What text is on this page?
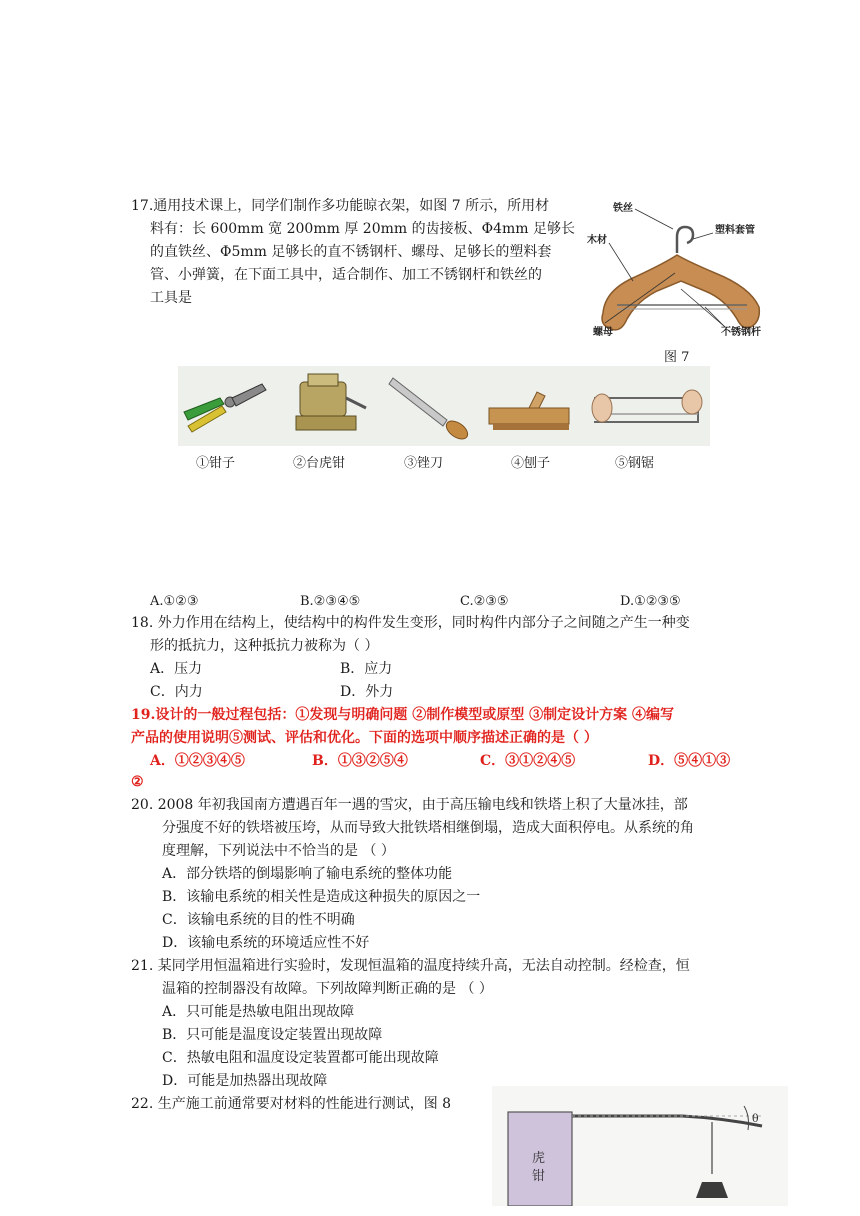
17.通用技术课上，同学们制作多功能晾衣架，如图 7 所示，所用材
料有：长 600mm 宽 200mm 厚 20mm 的齿接板、Φ4mm 足够长
的直铁丝、Φ5mm 足够长的直不锈钢杆、螺母、足够长的塑料套
管、小弹簧，在下面工具中，适合制作、加工不锈钢杆和铁丝的
工具是
铁丝
塑料套管
木材
螺母	不锈钢杆
图 7
①钳子	②台虎钳	③锉刀	④刨子	⑤钢锯
A.①②③	B.②③④⑤	C.②③⑤	D.①②③⑤
18. 外力作用在结构上，使结构中的构件发生变形，同时构件内部分子之间随之产生一种变
形的抵抗力，这种抵抗力被称为（ ）
A．压力	B．应力
C．内力	D．外力
19.设计的一般过程包括：①发现与明确问题 ②制作模型或原型 ③制定设计方案 ④编写
产品的使用说明⑤测试、评估和优化。下面的选项中顺序描述正确的是（ ）
A．①②③④⑤	B．①③②⑤④	C．③①②④⑤	D．⑤④①③
②
20. 2008 年初我国南方遭遇百年一遇的雪灾，由于高压输电线和铁塔上积了大量冰挂，部
分强度不好的铁塔被压垮，从而导致大批铁塔相继倒塌，造成大面积停电。从系统的角
度理解，下列说法中不恰当的是 （ ）
A．部分铁塔的倒塌影响了输电系统的整体功能
B．该输电系统的相关性是造成这种损失的原因之一
C．该输电系统的目的性不明确
D．该输电系统的环境适应性不好
21. 某同学用恒温箱进行实验时，发现恒温箱的温度持续升高，无法自动控制。经检查，恒
温箱的控制器没有故障。下列故障判断正确的是 （ ）
A．只可能是热敏电阻出现故障
B．只可能是温度设定装置出现故障
C．热敏电阻和温度设定装置都可能出现故障
D．可能是加热器出现故障
22. 生产施工前通常要对材料的性能进行测试，图 8
虎
钳
θ
